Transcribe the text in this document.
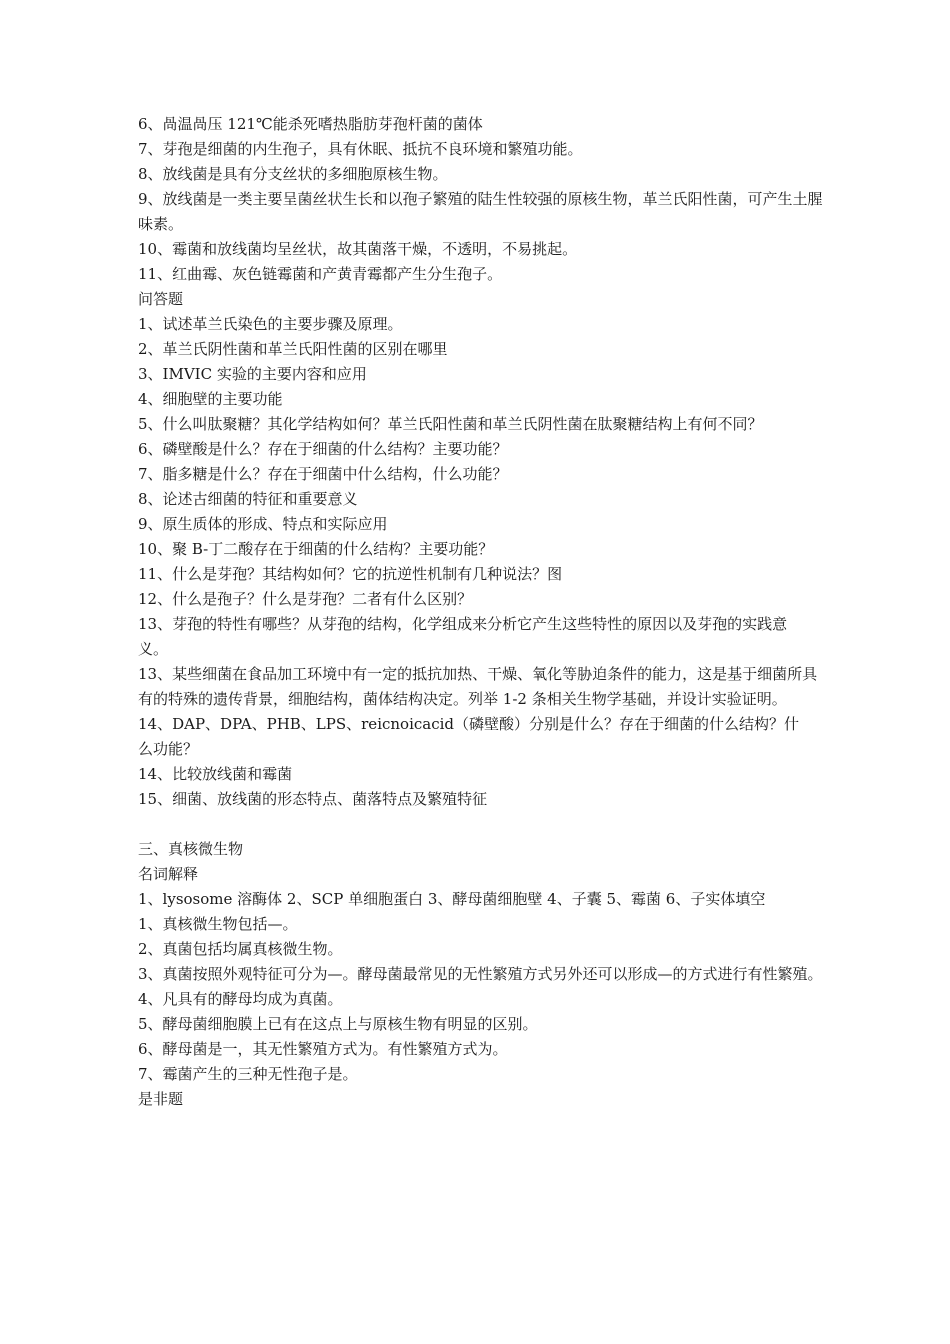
6、咼温咼压 121℃能杀死嗜热脂肪芽孢杆菌的菌体

7、芽孢是细菌的内生孢子，具有休眠、抵抗不良环境和繁殖功能。

8、放线菌是具有分支丝状的多细胞原核生物。

9、放线菌是一类主要呈菌丝状生长和以孢子繁殖的陆生性较强的原核生物，革兰氏阳性菌，可产生土腥味素。

10、霉菌和放线菌均呈丝状，故其菌落干燥，不透明，不易挑起。

11、红曲霉、灰色链霉菌和产黄青霉都产生分生孢子。

问答题

1、试述革兰氏染色的主要步骤及原理。

2、革兰氏阴性菌和革兰氏阳性菌的区别在哪里

3、IMVIC 实验的主要内容和应用

4、细胞壁的主要功能

5、什么叫肽聚糖？其化学结构如何？革兰氏阳性菌和革兰氏阴性菌在肽聚糖结构上有何不同？

6、磷壁酸是什么？存在于细菌的什么结构？主要功能？

7、脂多糖是什么？存在于细菌中什么结构，什么功能？

8、论述古细菌的特征和重要意义

9、原生质体的形成、特点和实际应用

10、聚 B-丁二酸存在于细菌的什么结构？主要功能？

11、什么是芽孢？其结构如何？它的抗逆性机制有几种说法？图

12、什么是孢子？什么是芽孢？二者有什么区别？

13、芽孢的特性有哪些？从芽孢的结构，化学组成来分析它产生这些特性的原因以及芽孢的实践意义。

13、某些细菌在食品加工环境中有一定的抵抗加热、干燥、氧化等胁迫条件的能力，这是基于细菌所具有的特殊的遗传背景，细胞结构，菌体结构决定。列举 1-2 条相关生物学基础，并设计实验证明。

14、DAP、DPA、PHB、LPS、reicnoicacid（磷壁酸）分别是什么？存在于细菌的什么结构？什么功能？

14、比较放线菌和霉菌

15、细菌、放线菌的形态特点、菌落特点及繁殖特征

三、真核微生物

名词解释

1、lysosome 溶酶体 2、SCP 单细胞蛋白 3、酵母菌细胞壁 4、子囊 5、霉菌 6、子实体填空

1、真核微生物包括—。

2、真菌包括均属真核微生物。

3、真菌按照外观特征可分为—。酵母菌最常见的无性繁殖方式另外还可以形成—的方式进行有性繁殖。

4、凡具有的酵母均成为真菌。

5、酵母菌细胞膜上已有在这点上与原核生物有明显的区别。

6、酵母菌是一，其无性繁殖方式为。有性繁殖方式为。

7、霉菌产生的三种无性孢子是。

是非题
